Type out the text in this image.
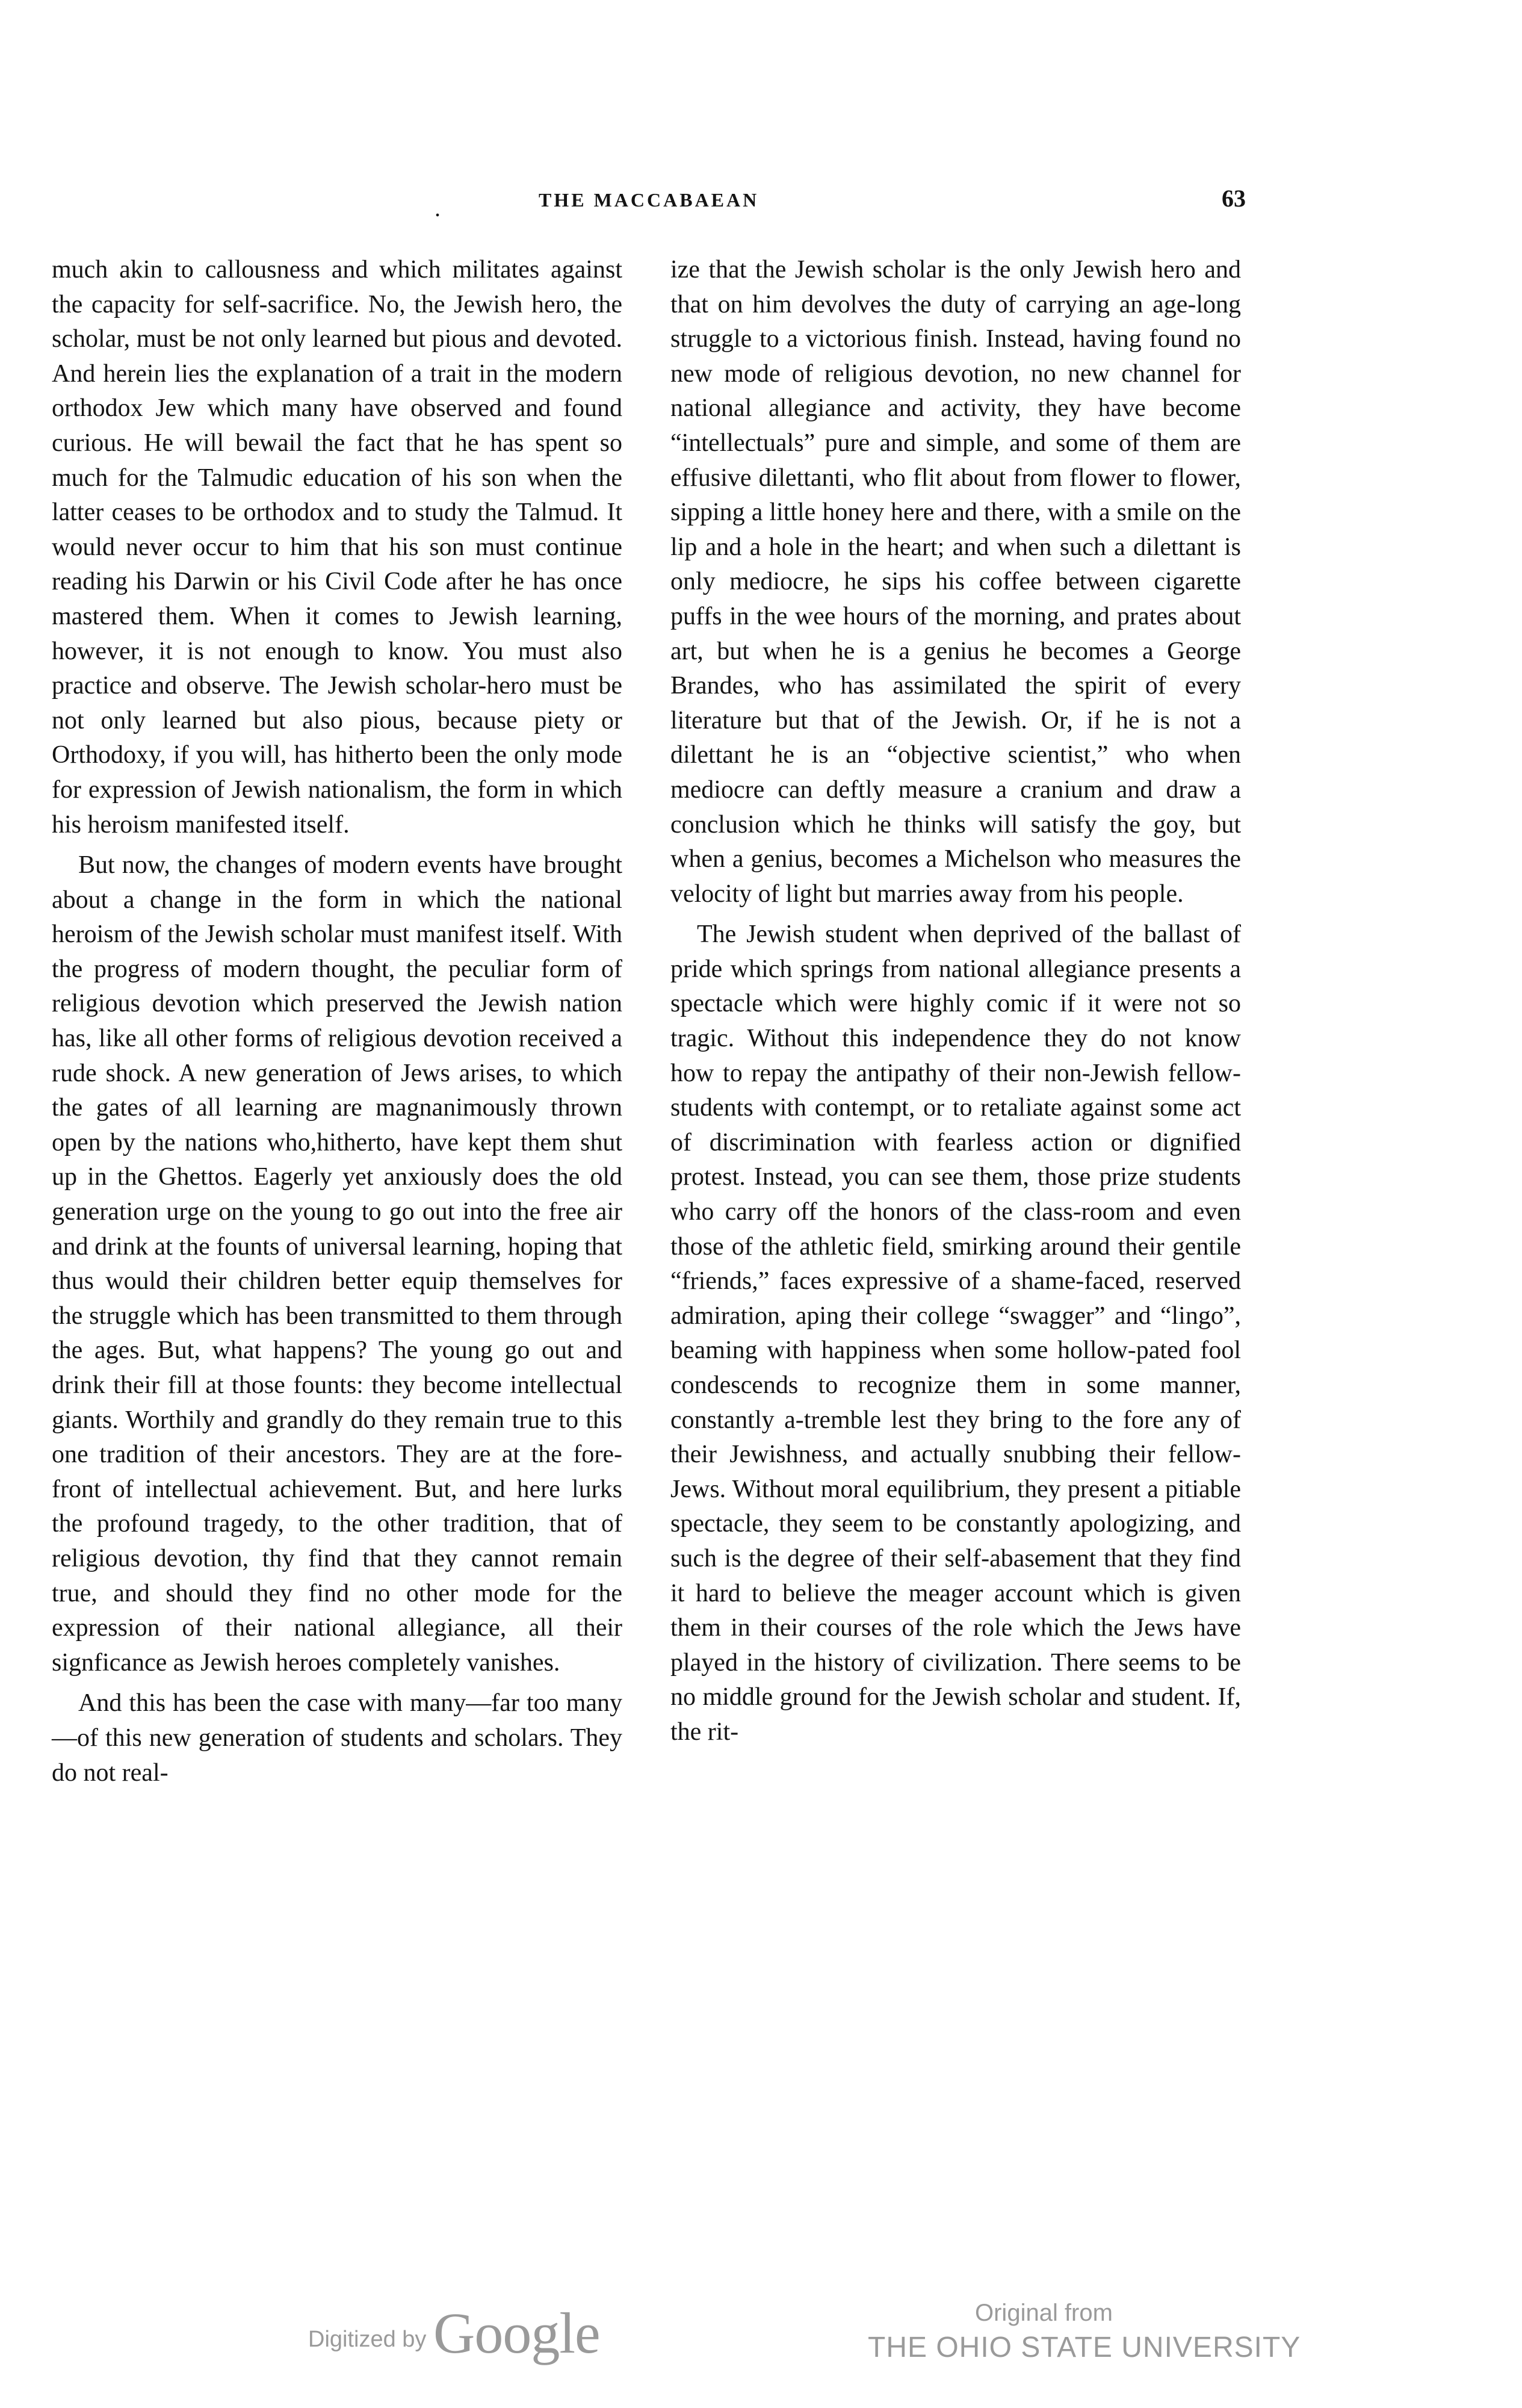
.	THE MACCABAEAN	63

much akin to callousness and which militates against the capacity for self-sacrifice. No, the Jewish hero, the scholar, must be not only learned but pious and devoted. And herein lies the explanation of a trait in the modern orthodox Jew which many have observed and found curious. He will bewail the fact that he has spent so much for the Talmudic education of his son when the latter ceases to be orthodox and to study the Talmud. It would never occur to him that his son must continue reading his Darwin or his Civil Code after he has once mastered them. When it comes to Jewish learning, however, it is not enough to know. You must also practice and observe. The Jewish scholar-hero must be not only learned but also pious, because piety or Orthodoxy, if you will, has hitherto been the only mode for expression of Jewish nationalism, the form in which his heroism manifested itself.

But now, the changes of modern events have brought about a change in the form in which the national heroism of the Jewish scholar must manifest itself. With the progress of modern thought, the peculiar form of religious devotion which preserved the Jewish nation has, like all other forms of religious devotion received a rude shock. A new generation of Jews arises, to which the gates of all learning are magnanimously thrown open by the nations who,hitherto, have kept them shut up in the Ghettos. Eagerly yet anxiously does the old generation urge on the young to go out into the free air and drink at the founts of universal learning, hoping that thus would their children better equip themselves for the struggle which has been transmitted to them through the ages. But, what happens? The young go out and drink their fill at those founts: they become intellectual giants. Worthily and grandly do they remain true to this one tradition of their ancestors. They are at the fore-front of intellectual achievement. But, and here lurks the profound tragedy, to the other tradition, that of religious devotion, thy find that they cannot remain true, and should they find no other mode for the expression of their national allegiance, all their signficance as Jewish heroes completely vanishes.

And this has been the case with many—far too many—of this new generation of students and scholars. They do not real-

ize that the Jewish scholar is the only Jewish hero and that on him devolves the duty of carrying an age-long struggle to a victorious finish. Instead, having found no new mode of religious devotion, no new channel for national allegiance and activity, they have become “intellectuals” pure and simple, and some of them are effusive dilettanti, who flit about from flower to flower, sipping a little honey here and there, with a smile on the lip and a hole in the heart; and when such a dilettant is only mediocre, he sips his coffee between cigarette puffs in the wee hours of the morning, and prates about art, but when he is a genius he becomes a George Brandes, who has assimilated the spirit of every literature but that of the Jewish. Or, if he is not a dilettant he is an “objective scientist,” who when mediocre can deftly measure a cranium and draw a conclusion which he thinks will satisfy the goy, but when a genius, becomes a Michelson who measures the velocity of light but marries away from his people.

The Jewish student when deprived of the ballast of pride which springs from national allegiance presents a spectacle which were highly comic if it were not so tragic. Without this independence they do not know how to repay the antipathy of their non-Jewish fellow-students with contempt, or to retaliate against some act of discrimination with fearless action or dignified protest. Instead, you can see them, those prize students who carry off the honors of the class-room and even those of the athletic field, smirking around their gentile “friends,” faces expressive of a shame-faced, reserved admiration, aping their college “swagger” and “lingo”, beaming with happiness when some hollow-pated fool condescends to recognize them in some manner, constantly a-tremble lest they bring to the fore any of their Jewishness, and actually snubbing their fellow-Jews. Without moral equilibrium, they present a pitiable spectacle, they seem to be constantly apologizing, and such is the degree of their self-abasement that they find it hard to believe the meager account which is given them in their courses of the role which the Jews have played in the history of civilization. There seems to be no middle ground for the Jewish scholar and student. If, the rit-

Digitized by Google	Original from
THE OHIO STATE UNIVERSITY
